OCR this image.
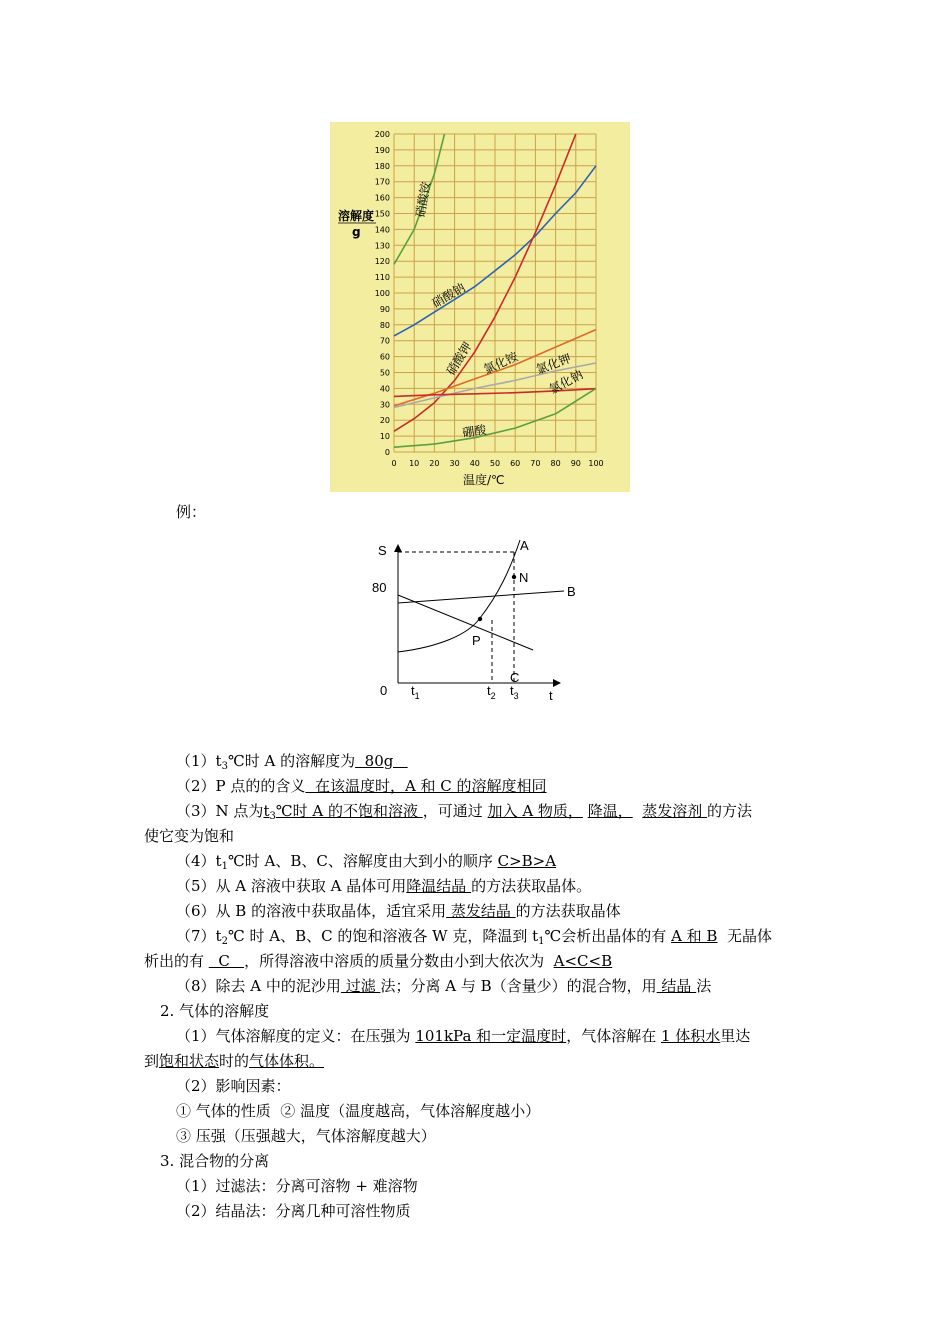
0 10 20 30 40 50 60 70 80 90 100
0
10
20
30
40
50
60
70
80
90
100
110
120
130
140
150
160
170
180
190
200
溶解度
g
温度/℃
硝酸铵
硝酸钠
硝酸钾 氯化铵 氯化钾
氯化钠
硼酸
例：
S
80
0	t
A
B
C
P
N
$t_1$	$t_2$ $t_3$
$(1)t_3℃$时 A 的溶解度为  80g
（2）P 点的的含义  在该温度时，A 和 C 的溶解度相同
（3）N 点为$t_3℃$时 A 的不饱和溶液 ，可通过 加入 A 物质， 降温， 蒸发溶剂 的方法
使它变为饱和
$(4)t_1℃$时 A、B、C、溶解度由大到小的顺序 C>B>A
（5）从 A 溶液中获取 A 晶体可用降温结晶 的方法获取晶体。
（6）从 B 的溶液中获取晶体，适宜采用 蒸发结晶 的方法获取晶体
$(7)t_2℃$ 时 A、B、C 的饱和溶液各 W 克，降温到 $t_1℃$会析出晶体的有 A 和 B  无晶体
析出的有   C   ，所得溶液中溶质的质量分数由小到大依次为  A<C<B
（8）除去 A 中的泥沙用 过滤 法；分离 A 与 B（含量少）的混合物，用 结晶 法
2. 气体的溶解度
（1）气体溶解度的定义：在压强为 101kPa 和一定温度时，气体溶解在 1 体积水里达
到饱和状态时的气体体积。
（2）影响因素：
① 气体的性质  ② 温度（温度越高，气体溶解度越小）
③ 压强（压强越大，气体溶解度越大）
3. 混合物的分离
（1）过滤法：分离可溶物 + 难溶物
（2）结晶法：分离几种可溶性物质
